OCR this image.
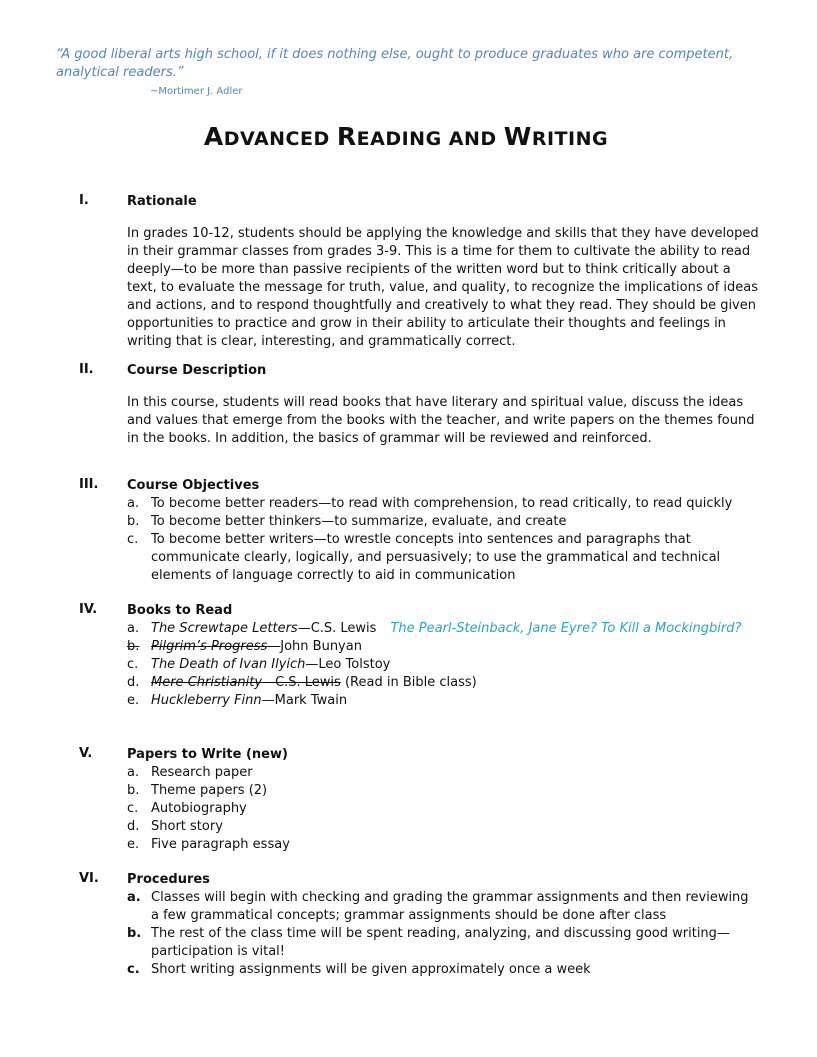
“A good liberal arts high school, if it does nothing else, ought to produce graduates who are competent, analytical readers.”
~Mortimer J. Adler
ADVANCED READING AND WRITING
I.	Rationale
In grades 10-12, students should be applying the knowledge and skills that they have developed in their grammar classes from grades 3-9. This is a time for them to cultivate the ability to read deeply—to be more than passive recipients of the written word but to think critically about a text, to evaluate the message for truth, value, and quality, to recognize the implications of ideas and actions, and to respond thoughtfully and creatively to what they read. They should be given opportunities to practice and grow in their ability to articulate their thoughts and feelings in writing that is clear, interesting, and grammatically correct.
II.	Course Description
In this course, students will read books that have literary and spiritual value, discuss the ideas and values that emerge from the books with the teacher, and write papers on the themes found in the books. In addition, the basics of grammar will be reviewed and reinforced.
III. Course Objectives
a. To become better readers—to read with comprehension, to read critically, to read quickly
b. To become better thinkers—to summarize, evaluate, and create
c. To become better writers—to wrestle concepts into sentences and paragraphs that communicate clearly, logically, and persuasively; to use the grammatical and technical elements of language correctly to aid in communication
IV. Books to Read
a. The Screwtape Letters—C.S. Lewis The Pearl-Steinback, Jane Eyre? To Kill a Mockingbird?
b. Pilgrim’s Progress—John Bunyan
c. The Death of Ivan Ilyich—Leo Tolstoy
d. Mere Christianity—C.S. Lewis (Read in Bible class)
e. Huckleberry Finn—Mark Twain
V.	Papers to Write (new)
a. Research paper
b. Theme papers (2)
c. Autobiography
d. Short story
e. Five paragraph essay
VI. Procedures
a. Classes will begin with checking and grading the grammar assignments and then reviewing a few grammatical concepts; grammar assignments should be done after class
b. The rest of the class time will be spent reading, analyzing, and discussing good writing—participation is vital!
c. Short writing assignments will be given approximately once a week
